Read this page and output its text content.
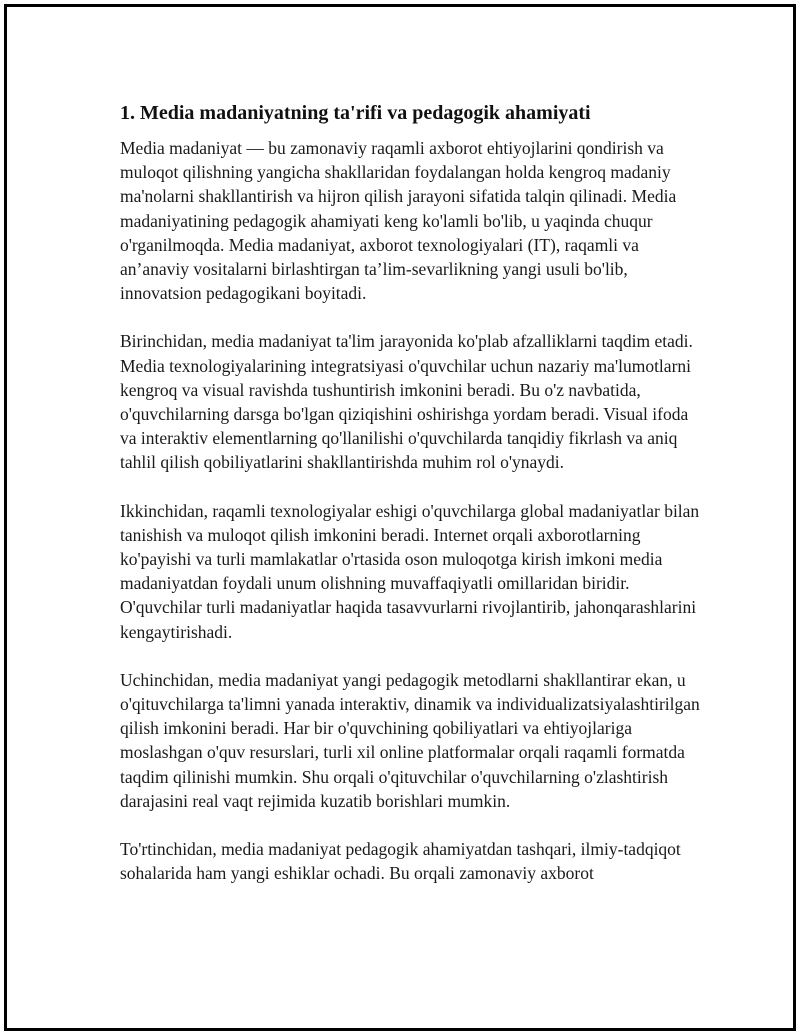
1. Media madaniyatning ta'rifi va pedagogik ahamiyati

Media madaniyat — bu zamonaviy raqamli axborot ehtiyojlarini qondirish va muloqot qilishning yangicha shakllaridan foydalangan holda kengroq madaniy ma'nolarni shakllantirish va hijron qilish jarayoni sifatida talqin qilinadi. Media madaniyatining pedagogik ahamiyati keng ko'lamli bo'lib, u yaqinda chuqur o'rganilmoqda. Media madaniyat, axborot texnologiyalari (IT), raqamli va an’anaviy vositalarni birlashtirgan ta’lim-sevarlikning yangi usuli bo'lib, innovatsion pedagogikani boyitadi.

Birinchidan, media madaniyat ta'lim jarayonida ko'plab afzalliklarni taqdim etadi. Media texnologiyalarining integratsiyasi o'quvchilar uchun nazariy ma'lumotlarni kengroq va visual ravishda tushuntirish imkonini beradi. Bu o'z navbatida, o'quvchilarning darsga bo'lgan qiziqishini oshirishga yordam beradi. Visual ifoda va interaktiv elementlarning qo'llanilishi o'quvchilarda tanqidiy fikrlash va aniq tahlil qilish qobiliyatlarini shakllantirishda muhim rol o'ynaydi.

Ikkinchidan, raqamli texnologiyalar eshigi o'quvchilarga global madaniyatlar bilan tanishish va muloqot qilish imkonini beradi. Internet orqali axborotlarning ko'payishi va turli mamlakatlar o'rtasida oson muloqotga kirish imkoni media madaniyatdan foydali unum olishning muvaffaqiyatli omillaridan biridir. O'quvchilar turli madaniyatlar haqida tasavvurlarni rivojlantirib, jahonqarashlarini kengaytirishadi.

Uchinchidan, media madaniyat yangi pedagogik metodlarni shakllantirar ekan, u o'qituvchilarga ta'limni yanada interaktiv, dinamik va individualizatsiyalashtirilgan qilish imkonini beradi. Har bir o'quvchining qobiliyatlari va ehtiyojlariga moslashgan o'quv resurslari, turli xil online platformalar orqali raqamli formatda taqdim qilinishi mumkin. Shu orqali o'qituvchilar o'quvchilarning o'zlashtirish darajasini real vaqt rejimida kuzatib borishlari mumkin.

To'rtinchidan, media madaniyat pedagogik ahamiyatdan tashqari, ilmiy-tadqiqot sohalarida ham yangi eshiklar ochadi. Bu orqali zamonaviy axborot
